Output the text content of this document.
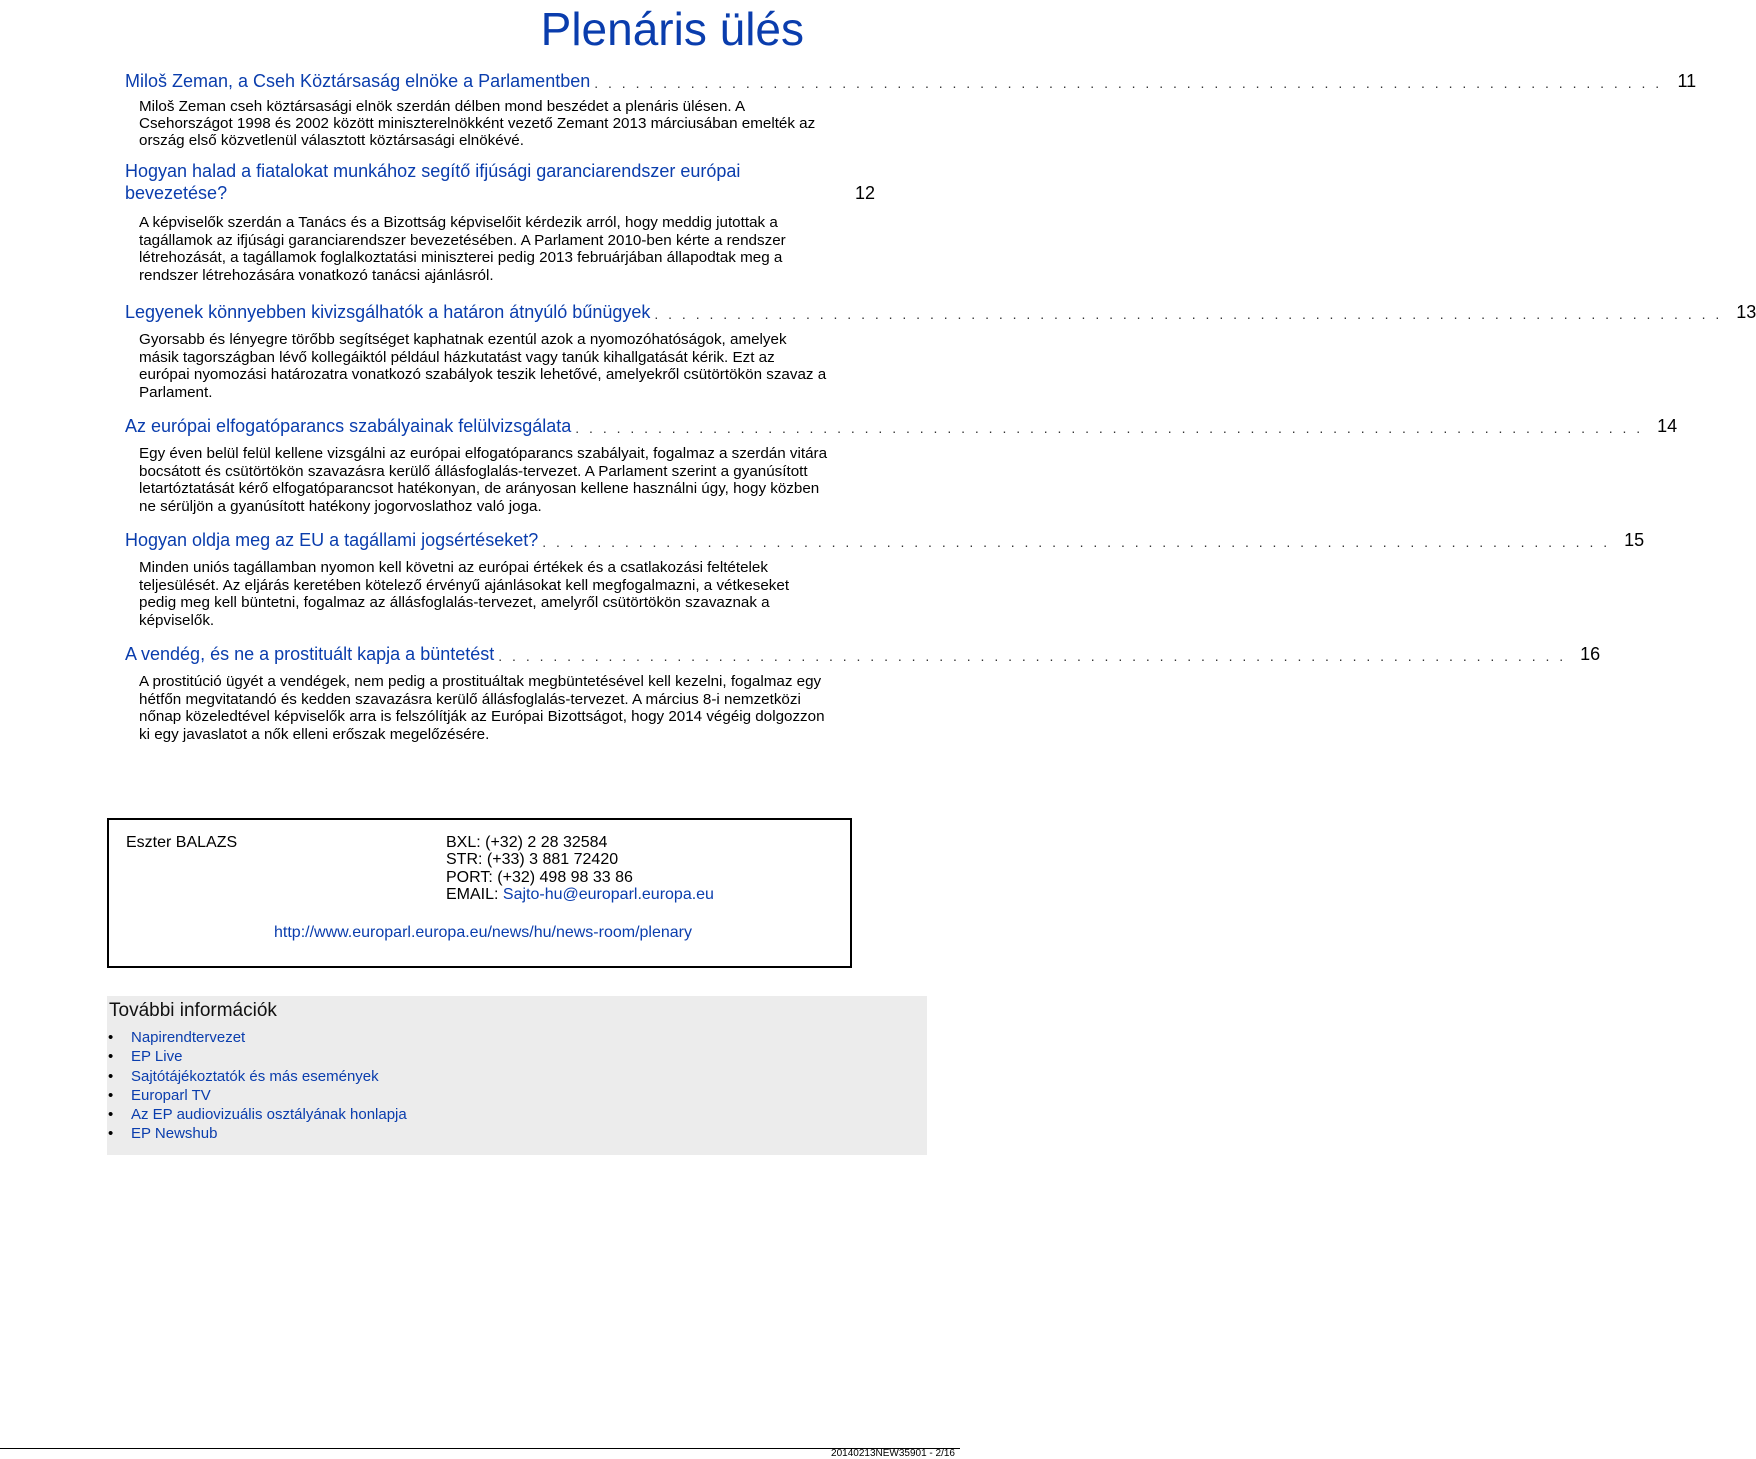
Plenáris ülés
Miloš Zeman, a Cseh Köztársaság elnöke a Parlamentben . . . . . . . . . . . . . . . . . . . . . . . . . . . . . . . . . . . . . . . . . . . . . . . . . . . . . . . . . . . . . . . . . . . . . . . . . . . . . . 11
Miloš Zeman cseh köztársasági elnök szerdán délben mond beszédet a plenáris ülésen. A Csehországot 1998 és 2002 között miniszterelnökként vezető Zemant 2013 márciusában emelték az ország első közvetlenül választott köztársasági elnökévé.
Hogyan halad a fiatalokat munkához segítő ifjúsági garanciarendszer európai bevezetése?	12
A képviselők szerdán a Tanács és a Bizottság képviselőit kérdezik arról, hogy meddig jutottak a tagállamok az ifjúsági garanciarendszer bevezetésében. A Parlament 2010-ben kérte a rendszer létrehozását, a tagállamok foglalkoztatási miniszterei pedig 2013 februárjában állapodtak meg a rendszer létrehozására vonatkozó tanácsi ajánlásról.
Legyenek könnyebben kivizsgálhatók a határon átnyúló bűnügyek . . . . . . . . . . . . . . . . . . . . . . . . . . . . . . . . . . . . . . . . . . . . . . . . . . . . . . . . . . . . . . . . . . . . . . . . . . . . . . 13
Gyorsabb és lényegre törőbb segítséget kaphatnak ezentúl azok a nyomozóhatóságok, amelyek másik tagországban lévő kollegáiktól például házkutatást vagy tanúk kihallgatását kérik. Ezt az európai nyomozási határozatra vonatkozó szabályok teszik lehetővé, amelyekről csütörtökön szavaz a Parlament.
Az európai elfogatóparancs szabályainak felülvizsgálata . . . . . . . . . . . . . . . . . . . . . . . . . . . . . . . . . . . . . . . . . . . . . . . . . . . . . . . . . . . . . . . . . . . . . . . . . . . . . . 14
Egy éven belül felül kellene vizsgálni az európai elfogatóparancs szabályait, fogalmaz a szerdán vitára bocsátott és csütörtökön szavazásra kerülő állásfoglalás-tervezet. A Parlament szerint a gyanúsított letartóztatását kérő elfogatóparancsot hatékonyan, de arányosan kellene használni úgy, hogy közben ne sérüljön a gyanúsított hatékony jogorvoslathoz való joga.
Hogyan oldja meg az EU a tagállami jogsértéseket? . . . . . . . . . . . . . . . . . . . . . . . . . . . . . . . . . . . . . . . . . . . . . . . . . . . . . . . . . . . . . . . . . . . . . . . . . . . . . . 15
Minden uniós tagállamban nyomon kell követni az európai értékek és a csatlakozási feltételek teljesülését. Az eljárás keretében kötelező érvényű ajánlásokat kell megfogalmazni, a vétkeseket pedig meg kell büntetni, fogalmaz az állásfoglalás-tervezet, amelyről csütörtökön szavaznak a képviselők.
A vendég, és ne a prostituált kapja a büntetést . . . . . . . . . . . . . . . . . . . . . . . . . . . . . . . . . . . . . . . . . . . . . . . . . . . . . . . . . . . . . . . . . . . . . . . . . . . . . . 16
A prostitúció ügyét a vendégek, nem pedig a prostituáltak megbüntetésével kell kezelni, fogalmaz egy hétfőn megvitatandó és kedden szavazásra kerülő állásfoglalás-tervezet. A március 8-i nemzetközi nőnap közeledtével képviselők arra is felszólítják az Európai Bizottságot, hogy 2014 végéig dolgozzon ki egy javaslatot a nők elleni erőszak megelőzésére.
Eszter BALAZS	BXL: (+32) 2 28 32584
STR: (+33) 3 881 72420
PORT: (+32) 498 98 33 86
EMAIL: Sajto-hu@europarl.europa.eu
http://www.europarl.europa.eu/news/hu/news-room/plenary
További információk
• Napirendtervezet
• EP Live
• Sajtótájékoztatók és más események
• Europarl TV
• Az EP audiovizuális osztályának honlapja
• EP Newshub
20140213NEW35901 - 2/16
